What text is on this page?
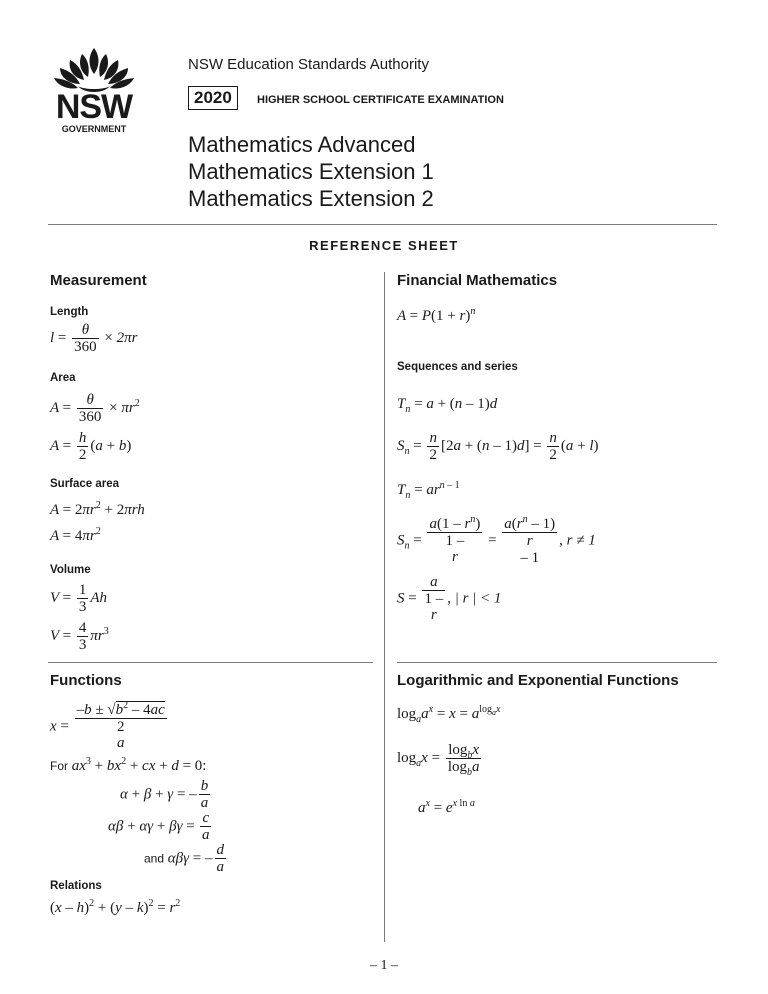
NSW
GOVERNMENT
NSW Education Standards Authority
2020	HIGHER SCHOOL CERTIFICATE EXAMINATION
Mathematics Advanced
Mathematics Extension 1
Mathematics Extension 2
REFERENCE SHEET
Measurement
Length
$l = \frac{\theta}{360} \times 2\pi r$
Area
$A = \frac{\theta}{360} \times \pi r^2$
$A = \frac{h}{2} (a + b)$
Surface area
$A = 2\pi r^2 + 2\pi rh$
$A = 4\pi r^2$
Volume
$V = \frac{1}{3}$ Ah
$V = \frac{4}{3} \pi r^3$
Financial Mathematics
$A = P(1 + r)^n$
Sequences and series
$T_n = a + (n - 1)d$
$S_n = \frac{n}{2} [2a + (n - 1)d] = \frac{n}{2} (a + l)$
$T_n = ar^{n - 1}$
$S_n$ =
$a(1 - r^n)$
1 –
r =
$a(r^n - 1)$
r
– 1
, r ≠ 1
S =
a
1 –
r, | r | < 1
Functions
x =
$-b \pm √b^2 - 4ac$
2
a
For $ax^3 + bx^2$ + cx + d = 0:
α + β + γ = –
b
a
αβ + αγ + βγ =
c
a
and αβγ = –
d
a
Relations
$(x - h)^2 + (y - k)^2 = r^2$
Logarithmic and Exponential Functions
$\log_aa^x = x = a^{log_ax}$
$\log_ax = \frac{\log_bx}{\log_ba}$
$a^x = e^{x ln a}$
– 1 –
